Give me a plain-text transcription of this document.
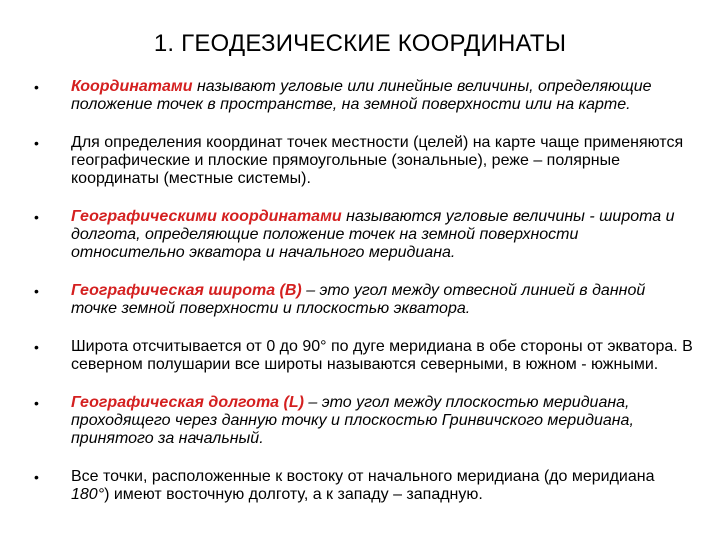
1. ГЕОДЕЗИЧЕСКИЕ КООРДИНАТЫ
• Координатами называют угловые или линейные величины, определяющие положение точек в пространстве, на земной поверхности или на карте.
• Для определения координат точек местности (целей) на карте чаще применяются географические и плоские прямоугольные (зональные), реже – полярные координаты (местные системы).
• Географическими координатами называются угловые величины - широта и долгота, определяющие положение точек на земной поверхности относительно экватора и начального меридиана.
• Географическая широта (B) – это угол между отвесной линией в данной точке земной поверхности и плоскостью экватора.
• Широта отсчитывается от 0 до 90° по дуге меридиана в обе стороны от экватора. В северном полушарии все широты называются северными, в южном - южными.
• Географическая долгота (L) – это угол между плоскостью меридиана, проходящего через данную точку и плоскостью Гринвичского меридиана, принятого за начальный.
• Все точки, расположенные к востоку от начального меридиана (до меридиана 180°) имеют восточную долготу, а к западу – западную.
